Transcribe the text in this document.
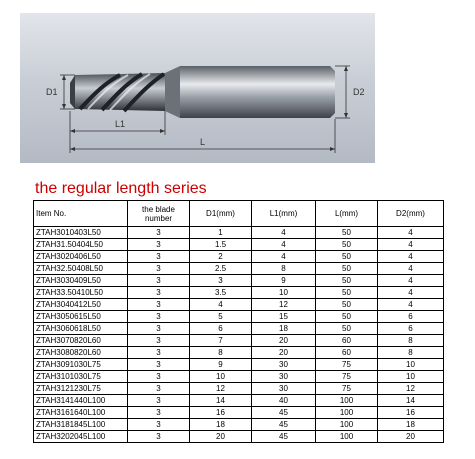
D1	D2
L1
L
the regular length series
Item No.	the blade number	D1(mm)	L1(mm)	L(mm)	D2(mm)
ZTAH3010403L50	3	1	4	50	4
ZTAH31.50404L50	3	1.5	4	50	4
ZTAH3020406L50	3	2	4	50	4
ZTAH32.50408L50	3	2.5	8	50	4
ZTAH3030409L50	3	3	9	50	4
ZTAH33.50410L50	3	3.5	10	50	4
ZTAH3040412L50	3	4	12	50	4
ZTAH3050615L50	3	5	15	50	6
ZTAH3060618L50	3	6	18	50	6
ZTAH3070820L60	3	7	20	60	8
ZTAH3080820L60	3	8	20	60	8
ZTAH3091030L75	3	9	30	75	10
ZTAH3101030L75	3	10	30	75	10
ZTAH3121230L75	3	12	30	75	12
ZTAH3141440L100	3	14	40	100	14
ZTAH3161640L100	3	16	45	100	16
ZTAH3181845L100	3	18	45	100	18
ZTAH3202045L100	3	20	45	100	20
